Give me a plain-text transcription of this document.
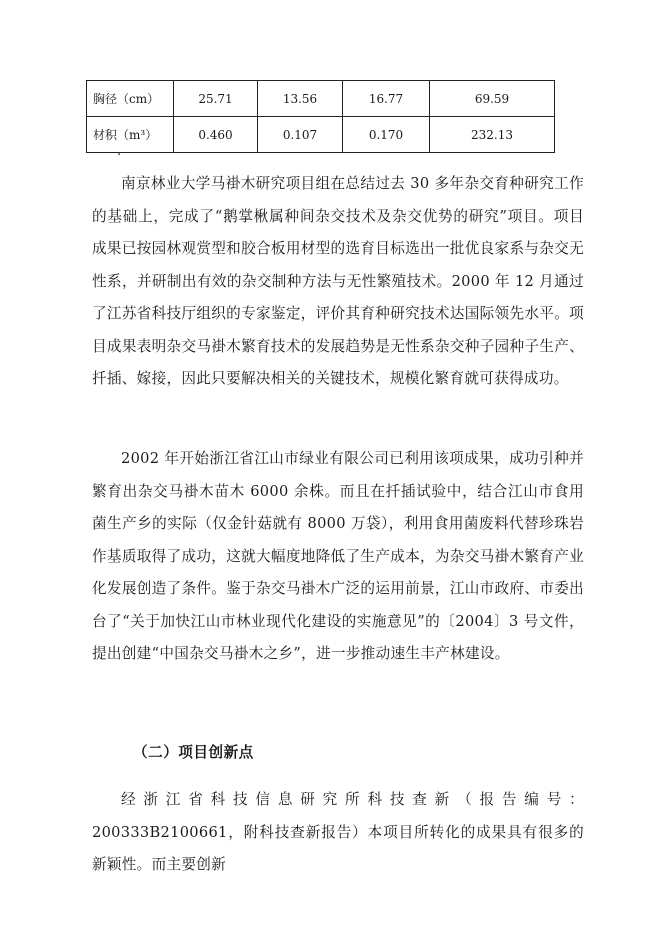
胸径（cm）	25.71	13.56	16.77	69.59
材积（m³）	0.460	0.107	0.170	232.13
•

南京林业大学马褂木研究项目组在总结过去 30 多年杂交育种研究工作的基础上，完成了“鹅掌楸属种间杂交技术及杂交优势的研究”项目。项目成果已按园林观赏型和胶合板用材型的选育目标选出一批优良家系与杂交无性系，并研制出有效的杂交制种方法与无性繁殖技术。2000 年 12 月通过了江苏省科技厅组织的专家鉴定，评价其育种研究技术达国际领先水平。项目成果表明杂交马褂木繁育技术的发展趋势是无性系杂交种子园种子生产、扦插、嫁接，因此只要解决相关的关键技术，规模化繁育就可获得成功。

2002 年开始浙江省江山市绿业有限公司已利用该项成果，成功引种并繁育出杂交马褂木苗木 6000 余株。而且在扦插试验中，结合江山市食用菌生产乡的实际（仅金针菇就有 8000 万袋），利用食用菌废料代替珍珠岩作基质取得了成功，这就大幅度地降低了生产成本，为杂交马褂木繁育产业化发展创造了条件。鉴于杂交马褂木广泛的运用前景，江山市政府、市委出台了“关于加快江山市林业现代化建设的实施意见”的〔2004〕3 号文件，提出创建“中国杂交马褂木之乡”，进一步推动速生丰产林建设。

（二）项目创新点

经浙江省科技信息研究所科技查新（报告编号：200333B2100661，附科技查新报告）本项目所转化的成果具有很多的新颖性。而主要创新
